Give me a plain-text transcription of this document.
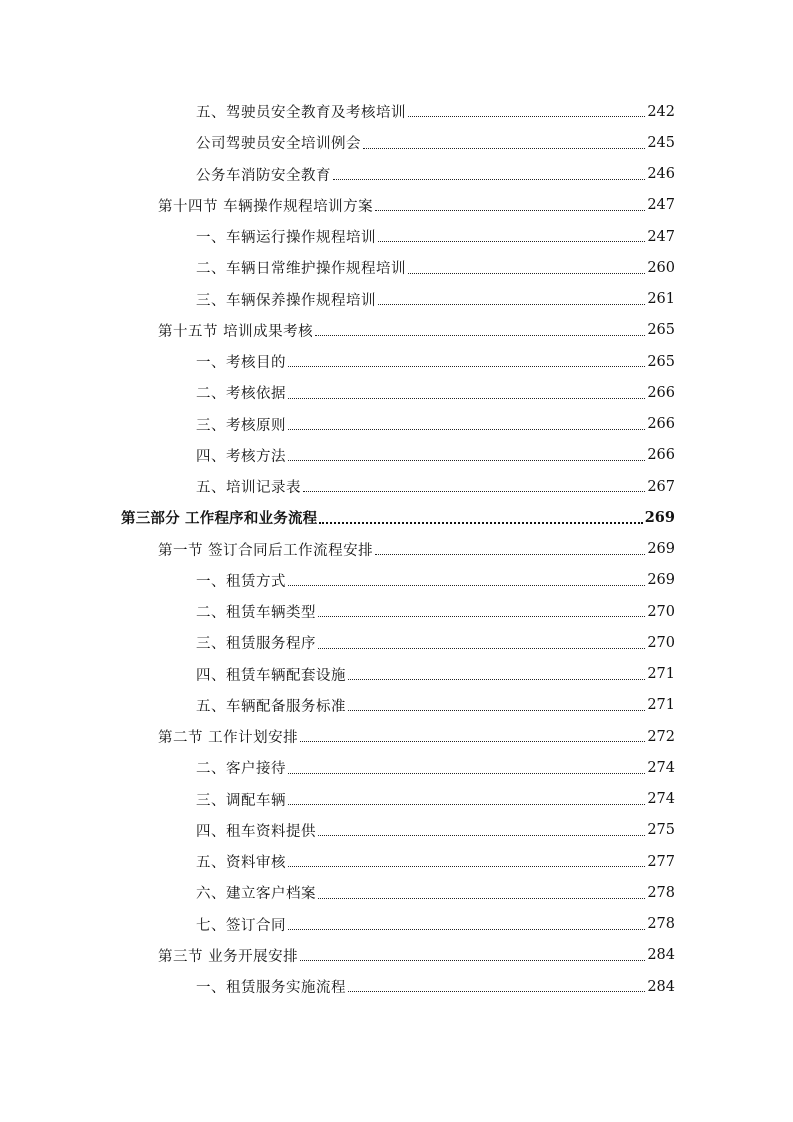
五、驾驶员安全教育及考核培训	242
公司驾驶员安全培训例会	245
公务车消防安全教育	246
第十四节 车辆操作规程培训方案	247
一、车辆运行操作规程培训	247
二、车辆日常维护操作规程培训	260
三、车辆保养操作规程培训	261
第十五节 培训成果考核	265
一、考核目的	265
二、考核依据	266
三、考核原则	266
四、考核方法	266
五、培训记录表	267
第三部分 工作程序和业务流程	269
第一节 签订合同后工作流程安排	269
一、租赁方式	269
二、租赁车辆类型	270
三、租赁服务程序	270
四、租赁车辆配套设施	271
五、车辆配备服务标准	271
第二节 工作计划安排	272
二、客户接待	274
三、调配车辆	274
四、租车资料提供	275
五、资料审核	277
六、建立客户档案	278
七、签订合同	278
第三节 业务开展安排	284
一、租赁服务实施流程	284
